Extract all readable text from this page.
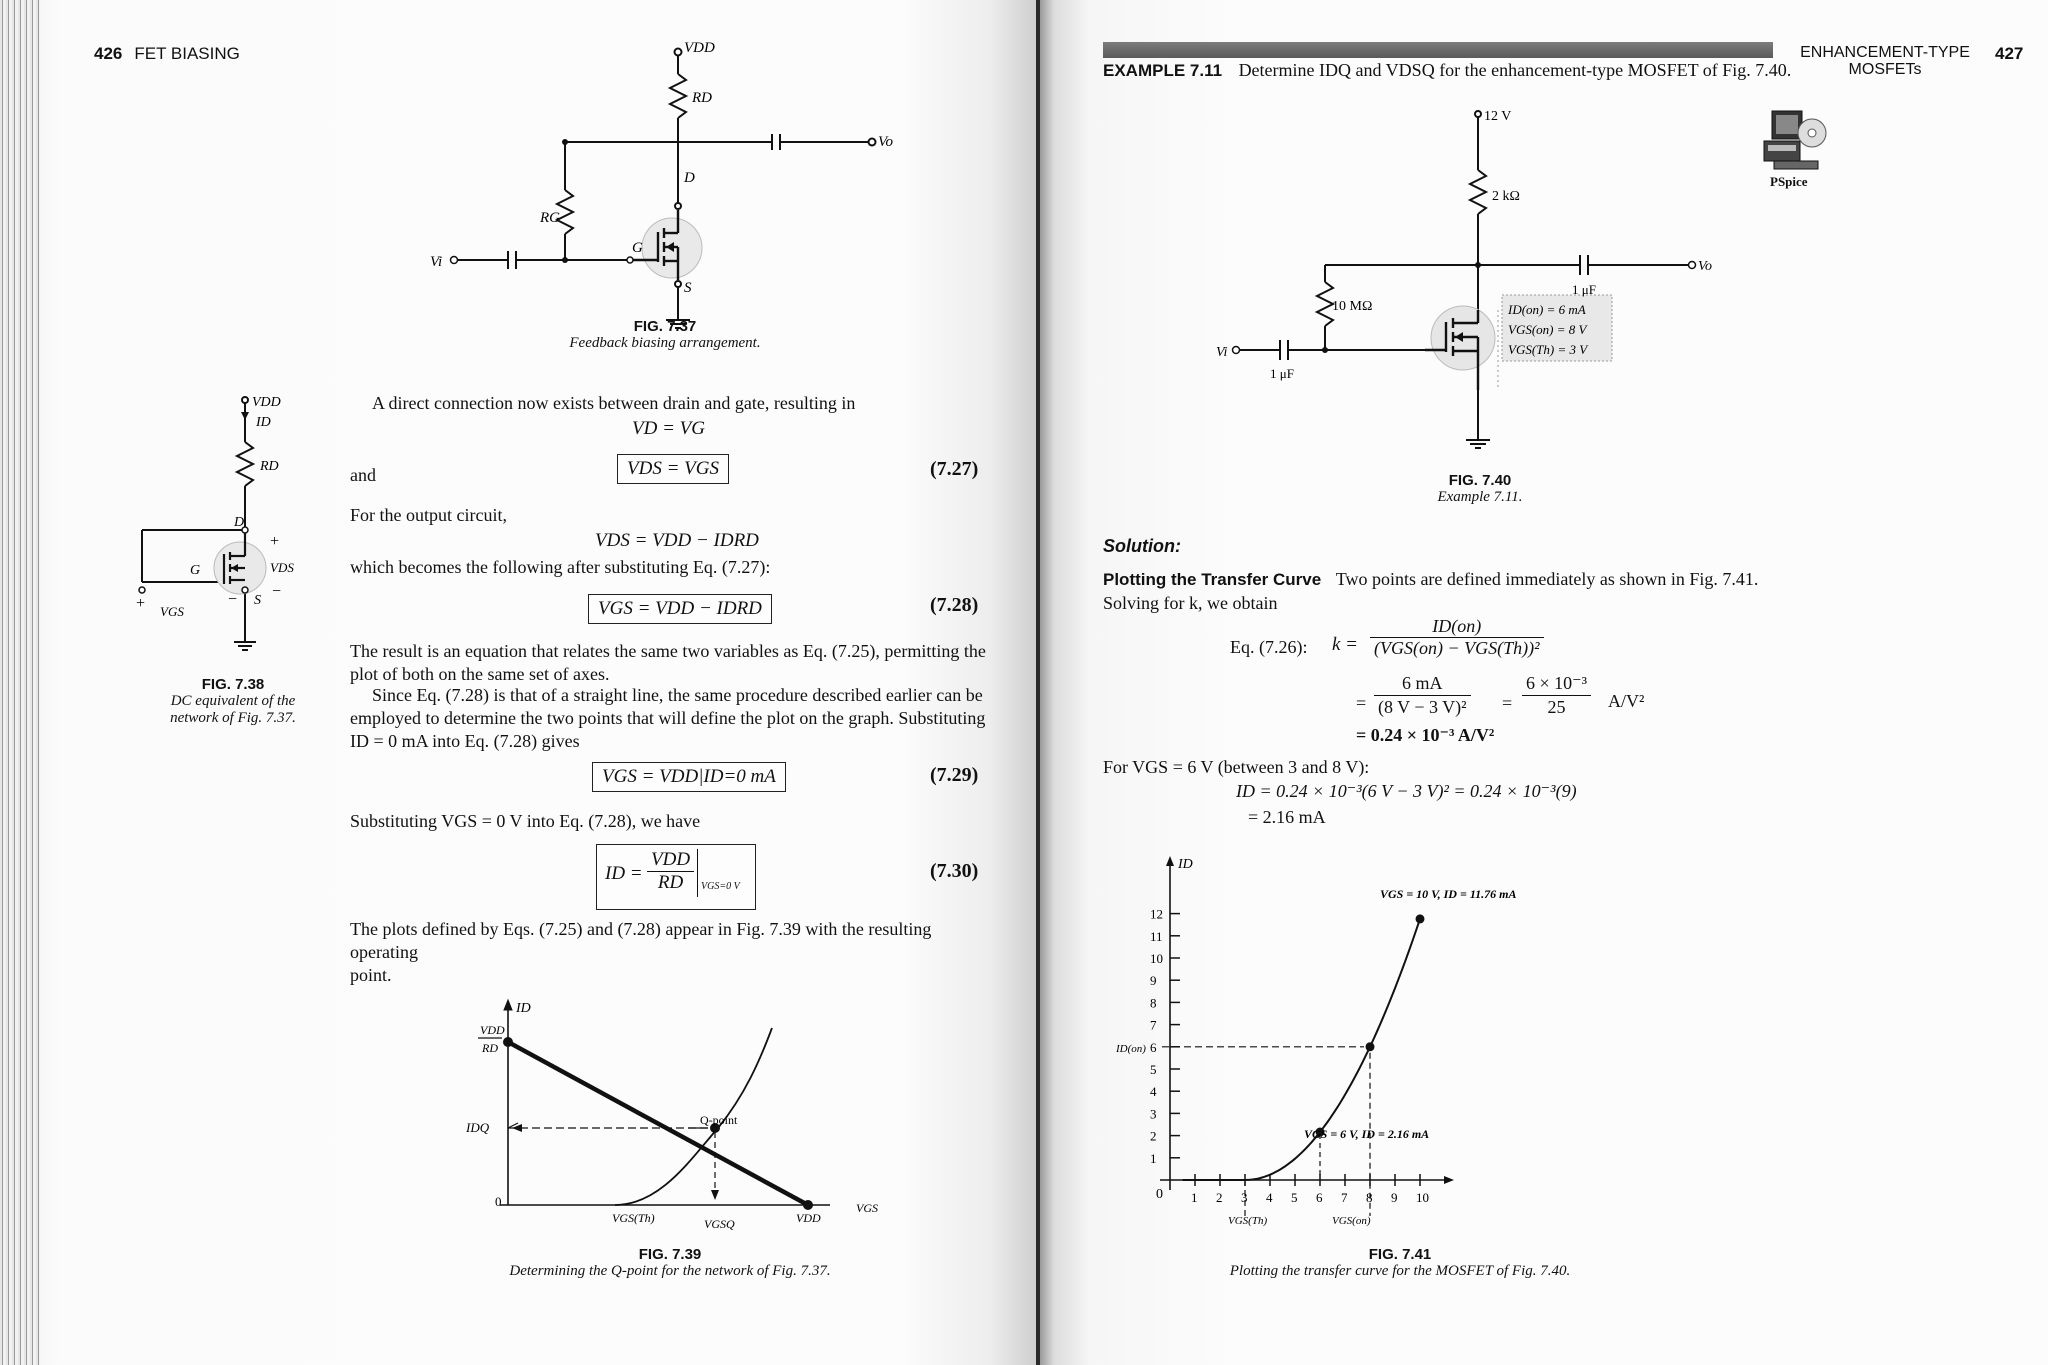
426 FET BIASING	VDD
RD
RG
D
G
S
Vi
Vo
FIG. 7.37
Feedback biasing arrangement.
VDD
ID
RD
D
G
S
VDS
+
−
+	−
VGS
FIG. 7.38
DC equivalent of the
network of Fig. 7.37.
A direct connection now exists between drain and gate, resulting in
VD = VG
and	VDS = VGS	(7.27)
For the output circuit,
VDS = VDD − IDRD
which becomes the following after substituting Eq. (7.27):
VGS = VDD − IDRD	(7.28)
The result is an equation that relates the same two variables as Eq. (7.25), permitting the
plot of both on the same set of axes.
Since Eq. (7.28) is that of a straight line, the same procedure described earlier can be
employed to determine the two points that will define the plot on the graph. Substituting
ID = 0 mA into Eq. (7.28) gives
VGS = VDD|ID=0 mA	(7.29)
Substituting VGS = 0 V into Eq. (7.28), we have
ID =
VDD
RD	VGS=0 V
(7.30)
The plots defined by Eqs. (7.25) and (7.28) appear in Fig. 7.39 with the resulting operating
point.
ID
VDD
RD
IDQ
0
VGS(Th)	VGSQ	VDD
VGS
Q-point
FIG. 7.39
Determining the Q-point for the network of Fig. 7.37.
EXAMPLE 7.11 Determine IDQ and VDSQ for the enhancement-type MOSFET of Fig. 7.40.
ENHANCEMENT-TYPE
MOSFETs
427
PSpice
ID(on) = 6 mA
VGS(on) = 8 V
VGS(Th) = 3 V
12 V
2 kΩ
10 MΩ
1 μF
1 μF
Vi
Vo
FIG. 7.40
Example 7.11.
Solution:
Plotting the Transfer Curve Two points are defined immediately as shown in Fig. 7.41.
Solving for k, we obtain
Eq. (7.26): k =
ID(on)
(VGS(on) − VGS(Th))²
= $\frac{6 mA}{\text{(8 V − 3 V)²}} = \frac{\text{6 × 10⁻³}}{25} A/V^2$
= 0.24 × 10⁻³ A/V²
For VGS = 6 V (between 3 and 8 V):
ID = 0.24 × 10⁻³(6 V − 3 V)² = 0.24 × 10⁻³(9)
= 2.16 mA
1 2 3 4 5 6 7 8 9 10
1
2
3
4
5
6
7
8
9
10
11
12
ID
ID(on)
0
VGS(Th)	VGS(on)
VGS = 10 V, ID = 11.76 mA
VGS = 6 V, ID = 2.16 mA
FIG. 7.41
Plotting the transfer curve for the MOSFET of Fig. 7.40.
